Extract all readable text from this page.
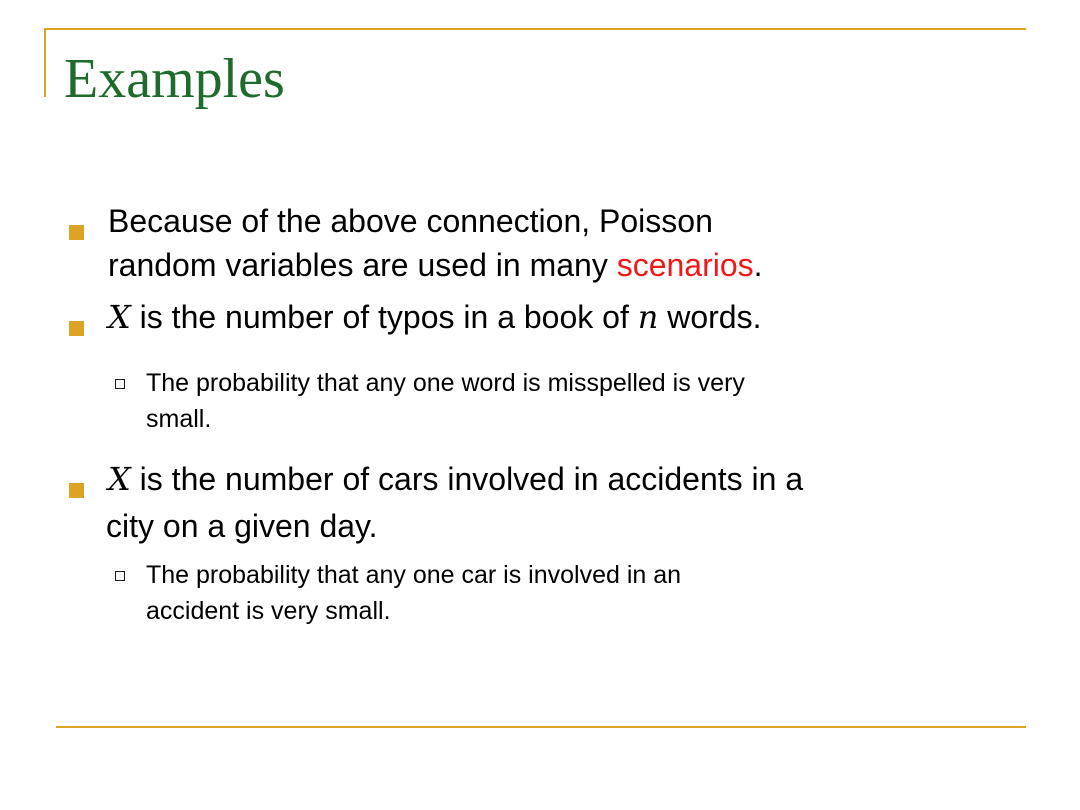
Examples
Because of the above connection, Poisson
random variables are used in many scenarios.
X is the number of typos in a book of n words.
The probability that any one word is misspelled is very
small.
X is the number of cars involved in accidents in a
city on a given day.
The probability that any one car is involved in an
accident is very small.
